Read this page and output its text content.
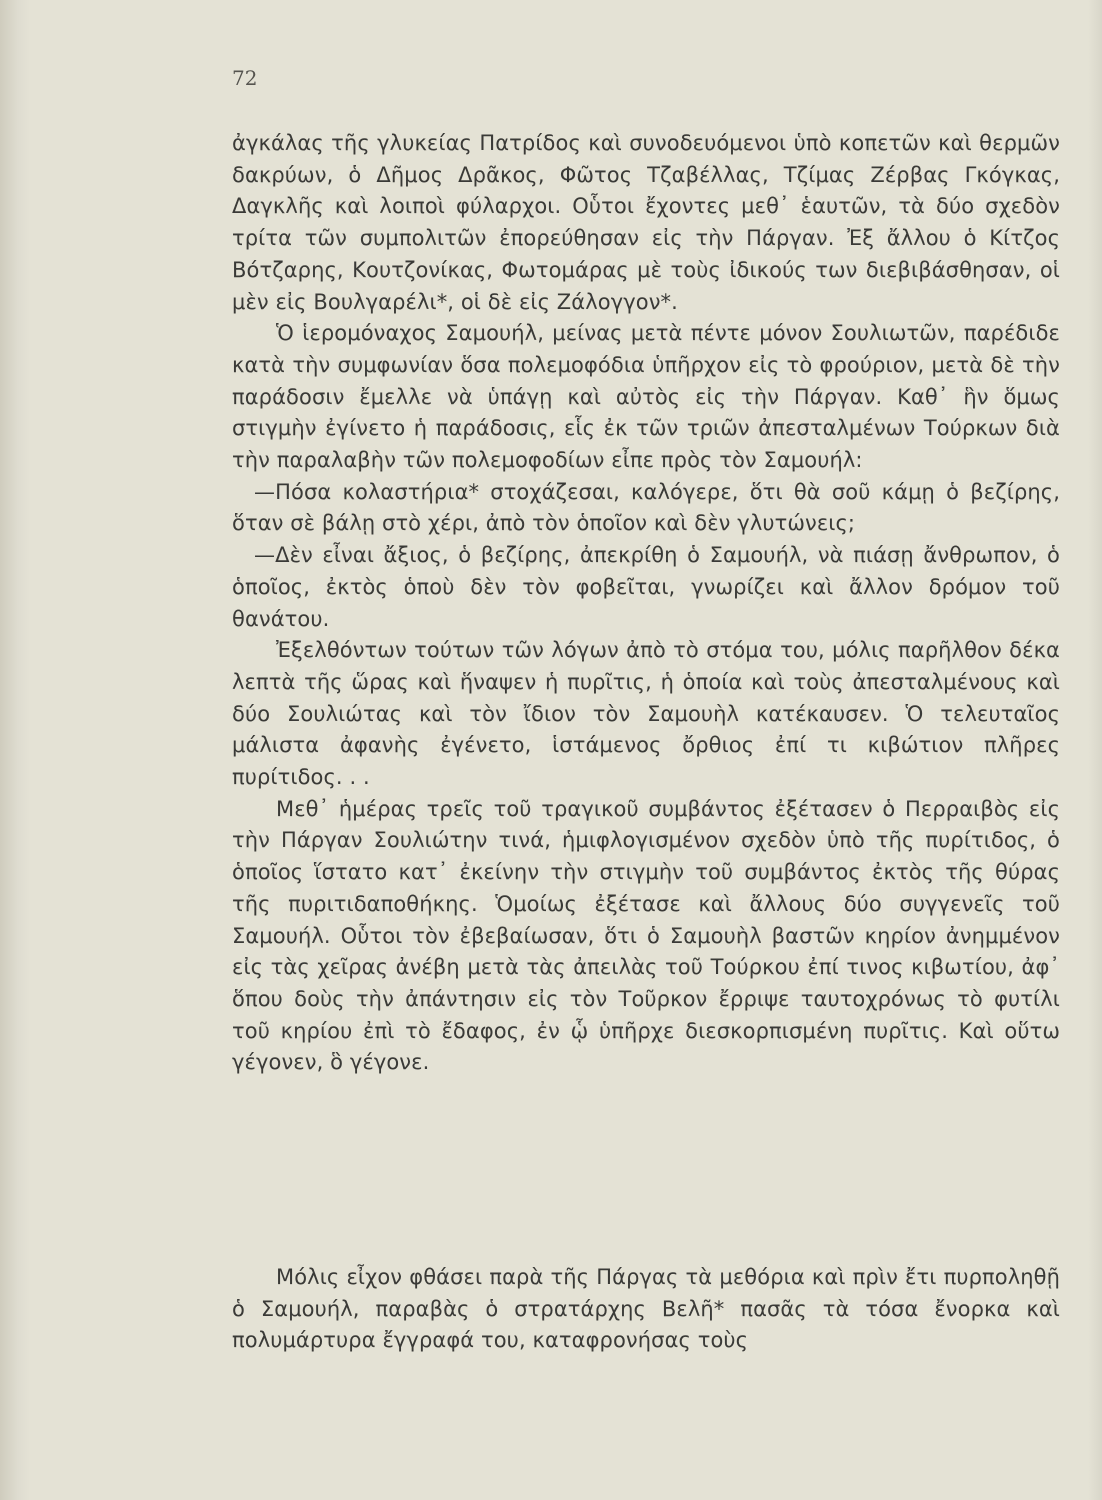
72

ἀγκάλας τῆς γλυκείας Πατρίδος καὶ συνοδευόμενοι ὑπὸ κοπετῶν καὶ θερμῶν δακρύων, ὁ Δῆμος Δρᾶκος, Φῶτος Τζαβέλλας, Τζίμας Ζέρβας Γκόγκας, Δαγκλῆς καὶ λοιποὶ φύλαρχοι. Οὗτοι ἔχοντες μεθ᾽ ἑαυτῶν, τὰ δύο σχεδὸν τρίτα τῶν συμπολιτῶν ἐπορεύθησαν εἰς τὴν Πάργαν. Ἐξ ἄλλου ὁ Κίτζος Βότζαρης, Κουτζονίκας, Φωτομάρας μὲ τοὺς ἰδικούς των διεβιβάσθησαν, οἱ μὲν εἰς Βουλγαρέλι*, οἱ δὲ εἰς Ζάλογγον*.

Ὁ ἱερομόναχος Σαμουήλ, μείνας μετὰ πέντε μόνον Σουλιωτῶν, παρέδιδε κατὰ τὴν συμφωνίαν ὅσα πολεμοφόδια ὑπῆρχον εἰς τὸ φρούριον, μετὰ δὲ τὴν παράδοσιν ἔμελλε νὰ ὑπάγῃ καὶ αὐτὸς εἰς τὴν Πάργαν. Καθ᾽ ἣν ὅμως στιγμὴν ἐγίνετο ἡ παράδοσις, εἷς ἐκ τῶν τριῶν ἀπεσταλμένων Τούρκων διὰ τὴν παραλαβὴν τῶν πολεμοφοδίων εἶπε πρὸς τὸν Σαμουήλ:

—Πόσα κολαστήρια* στοχάζεσαι, καλόγερε, ὅτι θὰ σοῦ κάμῃ ὁ βεζίρης, ὅταν σὲ βάλῃ στὸ χέρι, ἀπὸ τὸν ὁποῖον καὶ δὲν γλυτώνεις;

—Δὲν εἶναι ἄξιος, ὁ βεζίρης, ἀπεκρίθη ὁ Σαμουήλ, νὰ πιάσῃ ἄνθρωπον, ὁ ὁποῖος, ἐκτὸς ὁποὺ δὲν τὸν φοβεῖται, γνωρίζει καὶ ἄλλον δρόμον τοῦ θανάτου.

Ἐξελθόντων τούτων τῶν λόγων ἀπὸ τὸ στόμα του, μόλις παρῆλθον δέκα λεπτὰ τῆς ὥρας καὶ ἥναψεν ἡ πυρῖτις, ἡ ὁποία καὶ τοὺς ἀπεσταλμένους καὶ δύο Σουλιώτας καὶ τὸν ἴδιον τὸν Σαμουὴλ κατέκαυσεν. Ὁ τελευταῖος μάλιστα ἀφανὴς ἐγένετο, ἱστάμενος ὄρθιος ἐπί τι κιβώτιον πλῆρες πυρίτιδος. . .

Μεθ᾽ ἡμέρας τρεῖς τοῦ τραγικοῦ συμβάντος ἐξέτασεν ὁ Περραιβὸς εἰς τὴν Πάργαν Σουλιώτην τινά, ἡμιφλογισμένον σχεδὸν ὑπὸ τῆς πυρίτιδος, ὁ ὁποῖος ἵστατο κατ᾽ ἐκείνην τὴν στιγμὴν τοῦ συμβάντος ἐκτὸς τῆς θύρας τῆς πυριτιδαποθήκης. Ὁμοίως ἐξέτασε καὶ ἄλλους δύο συγγενεῖς τοῦ Σαμουήλ. Οὗτοι τὸν ἐβεβαίωσαν, ὅτι ὁ Σαμουὴλ βαστῶν κηρίον ἀνημμένον εἰς τὰς χεῖρας ἀνέβη μετὰ τὰς ἀπειλὰς τοῦ Τούρκου ἐπί τινος κιβωτίου, ἀφ᾽ ὅπου δοὺς τὴν ἀπάντησιν εἰς τὸν Τοῦρκον ἔρριψε ταυτοχρόνως τὸ φυτίλι τοῦ κηρίου ἐπὶ τὸ ἔδαφος, ἐν ᾧ ὑπῆρχε διεσκορπισμένη πυρῖτις. Καὶ οὕτω γέγονεν, ὃ γέγονε.

Μόλις εἶχον φθάσει παρὰ τῆς Πάργας τὰ μεθόρια καὶ πρὶν ἔτι πυρποληθῇ ὁ Σαμουήλ, παραβὰς ὁ στρατάρχης Βελῆ* πασᾶς τὰ τόσα ἔνορκα καὶ πολυμάρτυρα ἔγγραφά του, καταφρονήσας τοὺς
